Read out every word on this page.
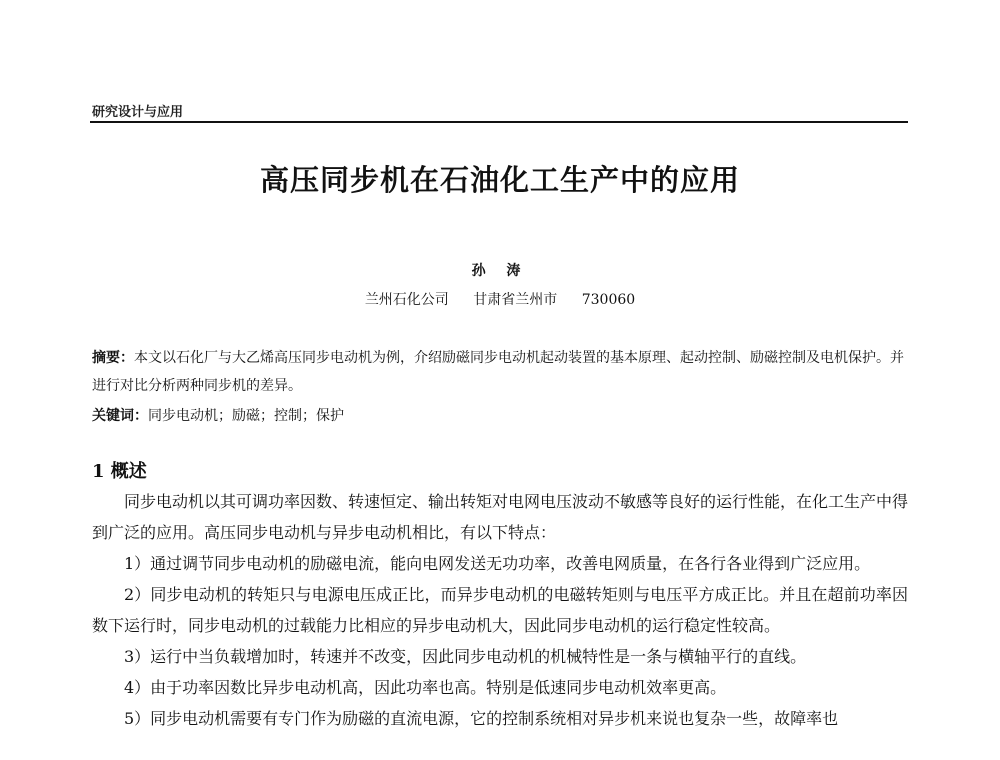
研究设计与应用
高压同步机在石油化工生产中的应用
孙 涛
兰州石化公司 甘肃省兰州市 730060
摘要：本文以石化厂与大乙烯高压同步电动机为例，介绍励磁同步电动机起动装置的基本原理、起动控制、励磁控制及电机保护。并进行对比分析两种同步机的差异。
关键词：同步电动机；励磁；控制；保护
1 概述

同步电动机以其可调功率因数、转速恒定、输出转矩对电网电压波动不敏感等良好的运行性能，在化工生产中得到广泛的应用。高压同步电动机与异步电动机相比，有以下特点：

1）通过调节同步电动机的励磁电流，能向电网发送无功功率，改善电网质量，在各行各业得到广泛应用。

2）同步电动机的转矩只与电源电压成正比，而异步电动机的电磁转矩则与电压平方成正比。并且在超前功率因数下运行时，同步电动机的过载能力比相应的异步电动机大，因此同步电动机的运行稳定性较高。

3）运行中当负载增加时，转速并不改变，因此同步电动机的机械特性是一条与横轴平行的直线。

4）由于功率因数比异步电动机高，因此功率也高。特别是低速同步电动机效率更高。

5）同步电动机需要有专门作为励磁的直流电源，它的控制系统相对异步机来说也复杂一些，故障率也
